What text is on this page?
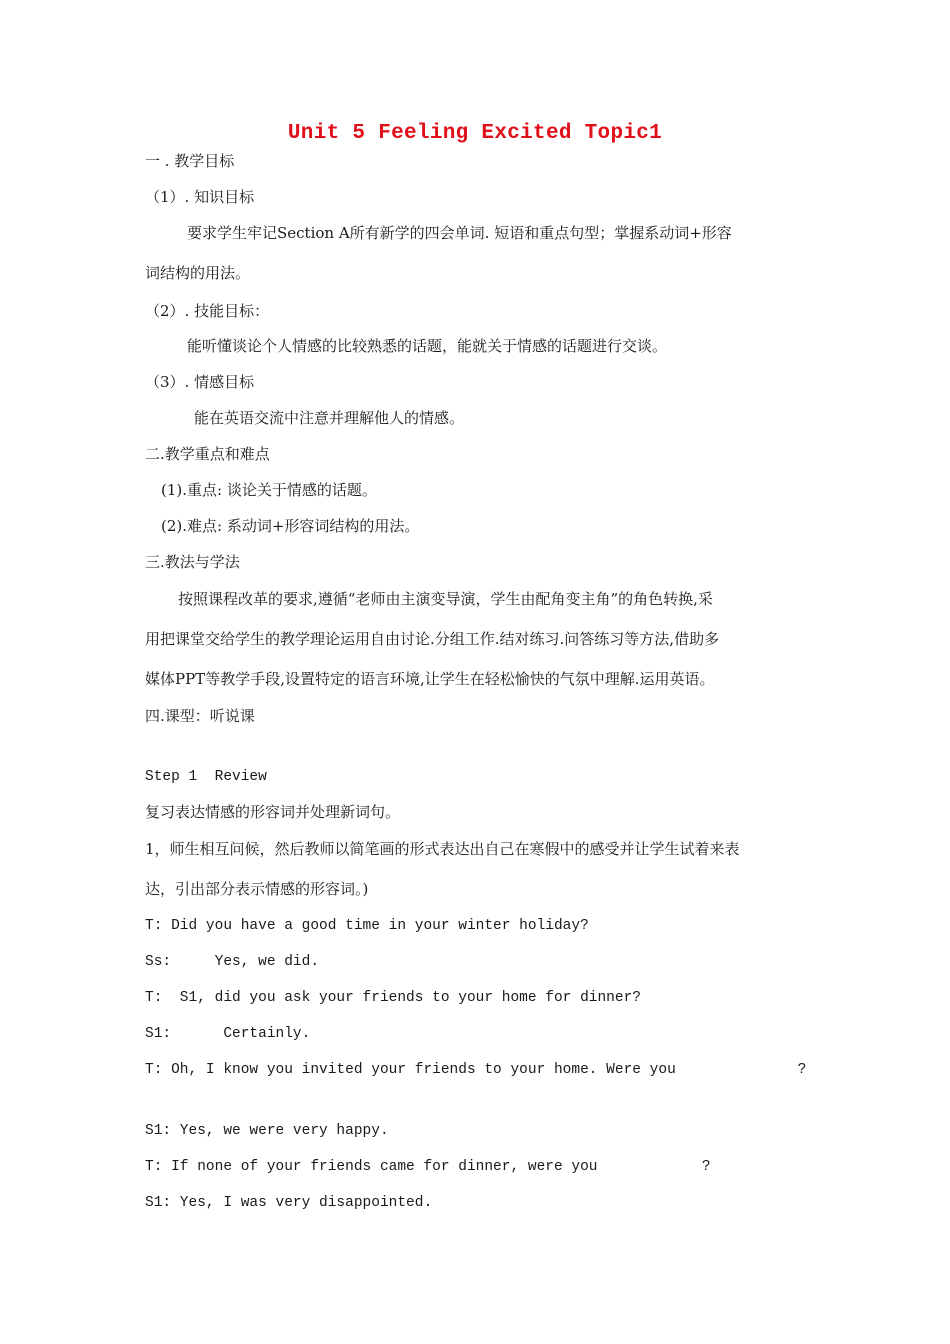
Unit 5 Feeling Excited Topic1
一 . 教学目标
（1）. 知识目标
要求学生牢记Section A所有新学的四会单词. 短语和重点句型；掌握系动词+形容
词结构的用法。
（2）. 技能目标：
能听懂谈论个人情感的比较熟悉的话题，能就关于情感的话题进行交谈。
（3）. 情感目标
能在英语交流中注意并理解他人的情感。
二.教学重点和难点
(1).重点: 谈论关于情感的话题。
(2).难点: 系动词+形容词结构的用法。
三.教法与学法
按照课程改革的要求,遵循“老师由主演变导演，学生由配角变主角”的角色转换,采
用把课堂交给学生的教学理论运用自由讨论.分组工作.结对练习.问答练习等方法,借助多
媒体PPT等教学手段,设置特定的语言环境,让学生在轻松愉快的气氛中理解.运用英语。
四.课型：听说课
Step 1  Review
复习表达情感的形容词并处理新词句。
1，师生相互问候，然后教师以简笔画的形式表达出自己在寒假中的感受并让学生试着来表
达，引出部分表示情感的形容词。)
T: Did you have a good time in your winter holiday?
Ss:     Yes, we did.
T:  S1, did you ask your friends to your home for dinner?
S1:      Certainly.
T: Oh, I know you invited your friends to your home. Were you              ?
S1: Yes, we were very happy.
T: If none of your friends came for dinner, were you            ?
S1: Yes, I was very disappointed.
